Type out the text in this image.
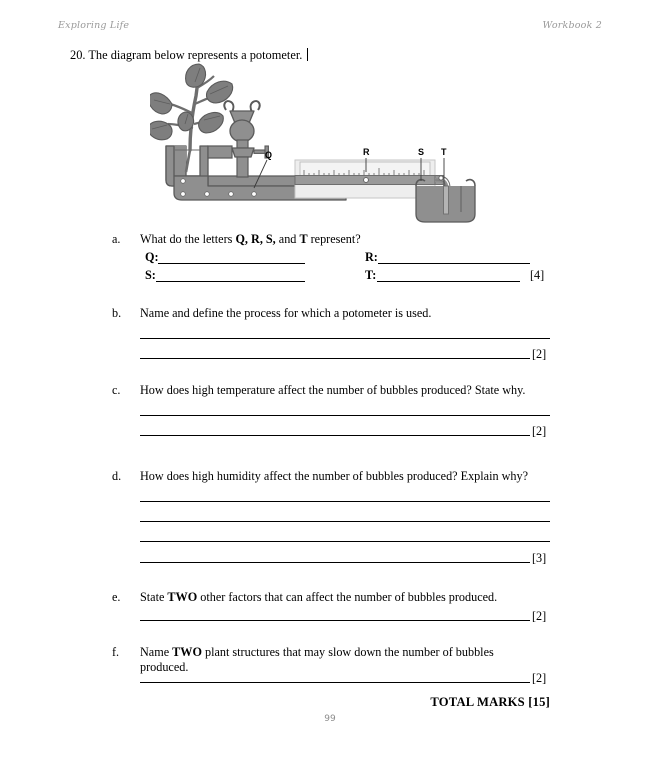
Exploring Life	Workbook 2
20. The diagram below represents a potometer.
Q	R	S T
a.	What do the letters Q, R, S, and T represent?
Q:	R:
S:	T:	[4]
b.	Name and define the process for which a potometer is used.
[2]
c.	How does high temperature affect the number of bubbles produced? State why.
[2]
d.	How does high humidity affect the number of bubbles produced? Explain why?
[3]
e.	State TWO other factors that can affect the number of bubbles produced.
[2]
f.	Name TWO plant structures that may slow down the number of bubbles
produced.
[2]
TOTAL MARKS [15]
99
